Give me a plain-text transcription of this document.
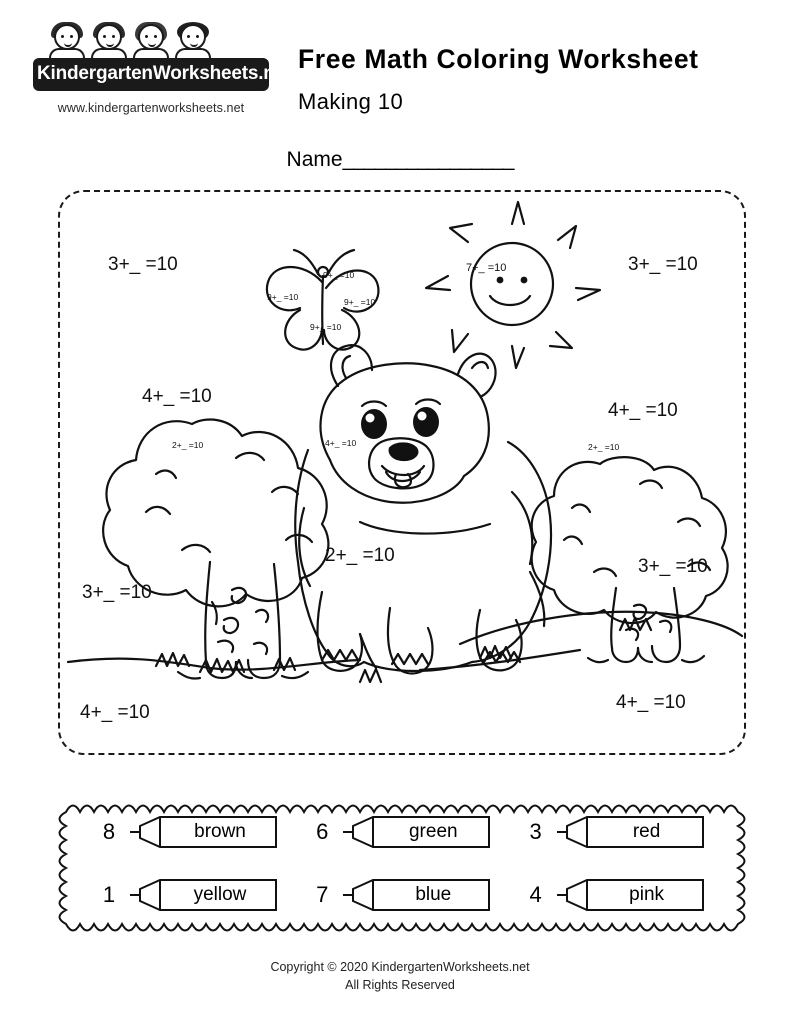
KindergartenWorksheets.net
www.kindergartenworksheets.net
Free Math Coloring Worksheet
Making 10
Name________________
3+_ =10	3+_ =10
9+_ =10
9+_ =10	9+_ =10
9+_ =10
7+_ =10
4+_ =10
4+_ =10
2+_ =10	2+_ =10
4+_ =10
2+_ =10
3+_ =10
3+_ =10
4+_ =10	4+_ =10
8	brown	6	green	3	red
1	yellow	7	blue	4	pink
Copyright © 2020 KindergartenWorksheets.net
All Rights Reserved
